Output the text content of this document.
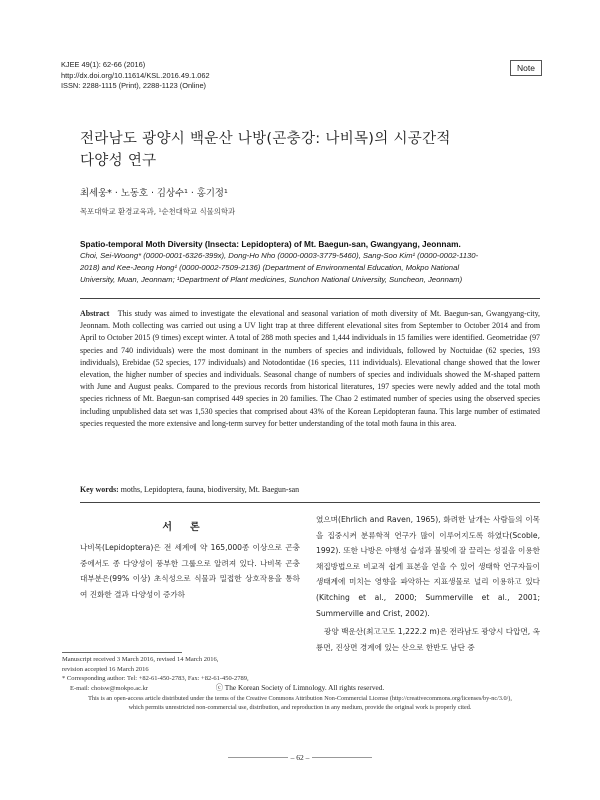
KJEE 49(1): 62-66 (2016)
http://dx.doi.org/10.11614/KSL.2016.49.1.062
ISSN: 2288-1115 (Print), 2288-1123 (Online)
Note
전라남도 광양시 백운산 나방(곤충강: 나비목)의 시공간적
다양성 연구
최세웅* · 노동호 · 김상수¹ · 홍기정¹
목포대학교 환경교육과, ¹순천대학교 식물의학과
Spatio-temporal Moth Diversity (Insecta: Lepidoptera) of Mt. Baegun-san, Gwangyang, Jeonnam.
Choi, Sei-Woong* (0000-0001-6326-399x), Dong-Ho Nho (0000-0003-3779-5460), Sang-Soo Kim¹ (0000-0002-1130-
2018) and Kee-Jeong Hong¹ (0000-0002-7509-2136) (Department of Environmental Education, Mokpo National
University, Muan, Jeonnam; ¹Department of Plant medicines, Sunchon National University, Suncheon, Jeonnam)
Abstract This study was aimed to investigate the elevational and seasonal variation of moth diversity of Mt. Baegun-san, Gwangyang-city, Jeonnam. Moth collecting was carried out using a UV light trap at three different elevational sites from September to October 2014 and from April to October 2015 (9 times) except winter. A total of 288 moth species and 1,444 individuals in 15 families were identified. Geometridae (97 species and 740 individuals) were the most dominant in the numbers of species and individuals, followed by Noctuidae (62 species, 193 individuals), Erebidae (52 species, 177 individuals) and Notodontidae (16 species, 111 individuals). Elevational change showed that the lower elevation, the higher number of species and individuals. Seasonal change of numbers of species and individuals showed the M-shaped pattern with June and August peaks. Compared to the previous records from historical literatures, 197 species were newly added and the total moth species richness of Mt. Baegun-san comprised 449 species in 20 families. The Chao 2 estimated number of species using the observed species including unpublished data set was 1,530 species that comprised about 43% of the Korean Lepidopteran fauna. This large number of estimated species requested the more extensive and long-term survey for better understanding of the total moth fauna in this area.
Key words: moths, Lepidoptera, fauna, biodiversity, Mt. Baegun-san
서론
나비목(Lepidoptera)은 전 세계에 약 165,000종 이상으로 곤충 중에서도 종 다양성이 풍부한 그룹으로 알려져 있다. 나비목 곤충 대부분은(99% 이상) 초식성으로 식물과 밀접한 상호작용을 통하여 진화한 결과 다양성이 증가하
였으며(Ehrlich and Raven, 1965), 화려한 날개는 사람들의 이목을 집중시켜 분류학적 연구가 많이 이루어지도록 하였다(Scoble, 1992). 또한 나방은 야행성 습성과 불빛에 잘 끌리는 성질을 이용한 채집방법으로 비교적 쉽게 표본을 얻을 수 있어 생태학 연구자들이 생태계에 미치는 영향을 파악하는 지표생물로 널리 이용하고 있다(Kitching et al., 2000; Summerville et al., 2001; Summerville and Crist, 2002).
광양 백운산(최고고도 1,222.2 m)은 전라남도 광양시 다압면, 옥룡면, 진상면 경계에 있는 산으로 한반도 남단 중
Manuscript received 3 March 2016, revised 14 March 2016,
revision accepted 16 March 2016
* Corresponding author: Tel: +82-61-450-2783, Fax: +82-61-450-2789,
E-mail: choisw@mokpo.ac.kr	ⓒ The Korean Society of Limnology. All rights reserved.
This is an open-access article distributed under the terms of the Creative Commons Attribution Non-Commercial License (http://creativecommons.org/licenses/by-nc/3.0/),
which permits unrestricted non-commercial use, distribution, and reproduction in any medium, provide the original work is properly cited.
– 62 –
